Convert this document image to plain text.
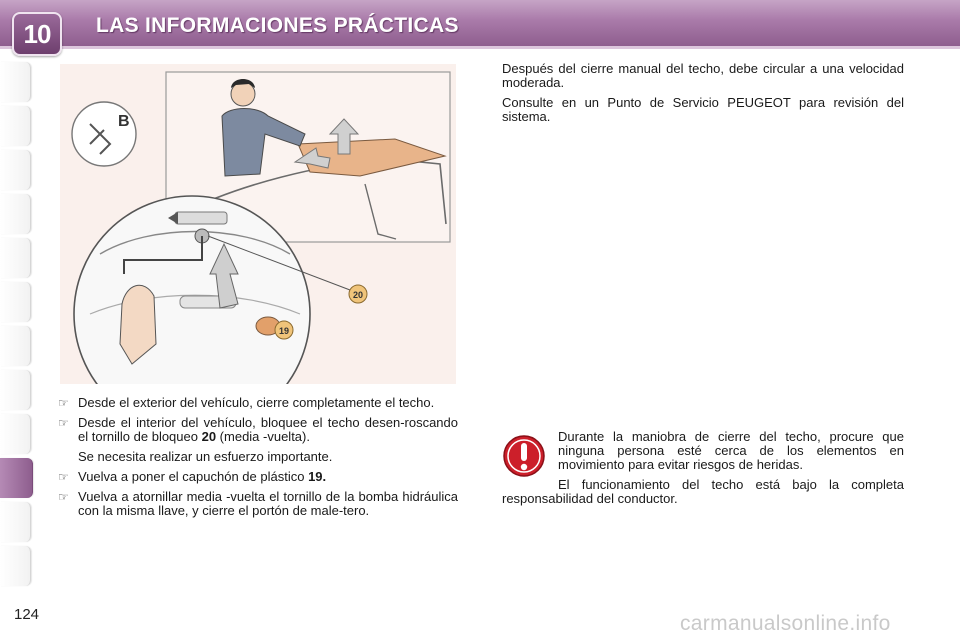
10	LAS INFORMACIONES PRÁCTICAS
124
B
20
19
☞ Desde el exterior del vehículo, cierre completamente el techo.
☞ Desde el interior del vehículo, bloquee el techo desen-roscando el tornillo de bloqueo 20 (media -vuelta).
Se necesita realizar un esfuerzo importante.
☞ Vuelva a poner el capuchón de plástico 19.
☞ Vuelva a atornillar media -vuelta el tornillo de la bomba hidráulica con la misma llave, y cierre el portón de male-tero.

Después del cierre manual del techo, debe circular a una velocidad moderada.

Consulte en un Punto de Servicio PEUGEOT para revisión del sistema.

Durante la maniobra de cierre del techo, procure que ninguna persona esté cerca de los elementos en movimiento para evitar riesgos de heridas.

El funcionamiento del techo está bajo la completa responsabilidad del conductor.

carmanualsonline.info
